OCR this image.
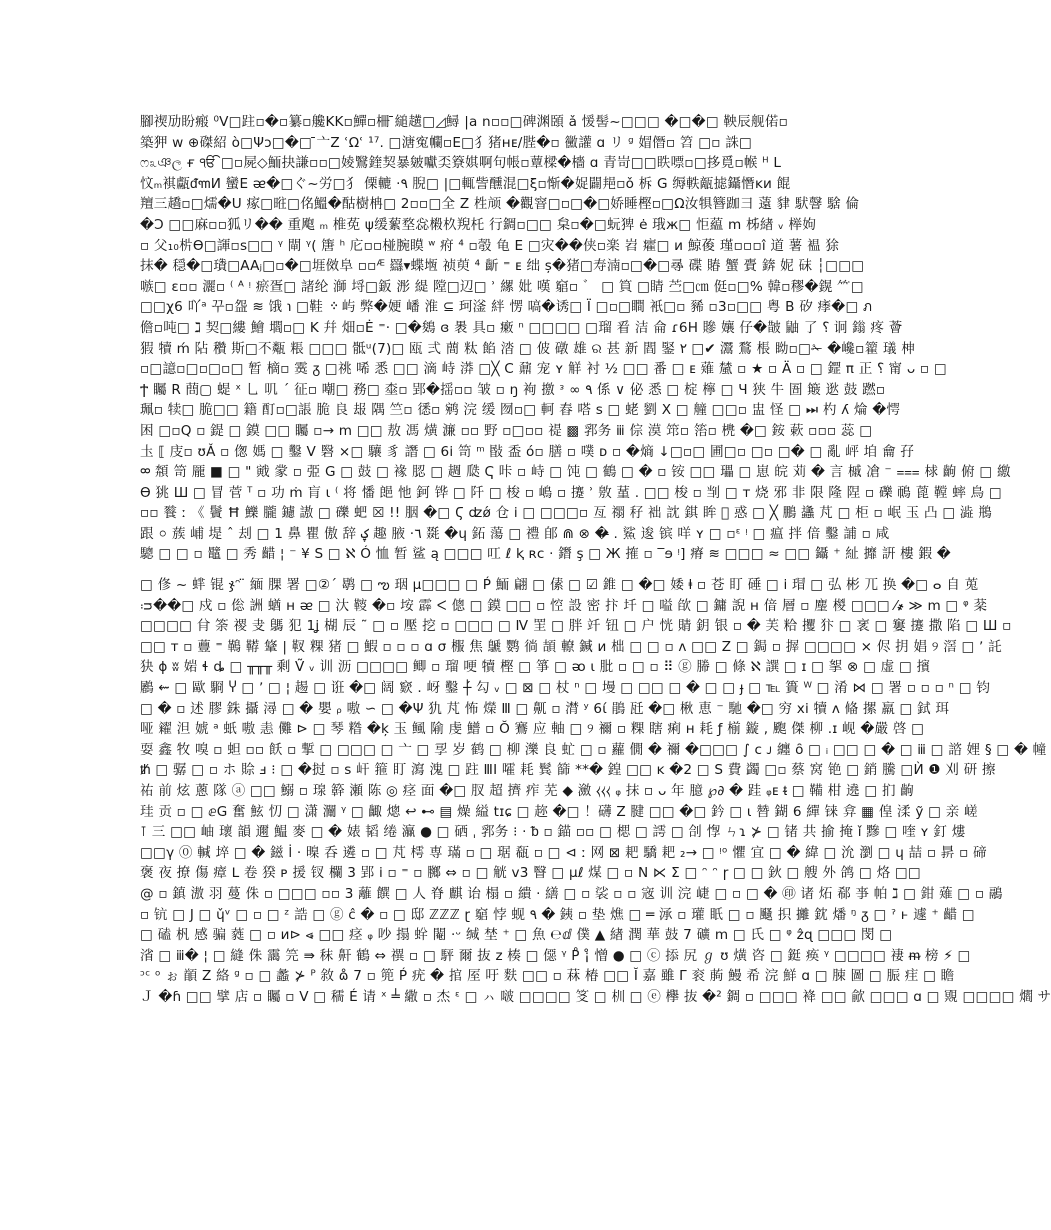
腳禊劢盼瘢 ⁰V□跓▫�▫纂▫艬KK▫鱓▫柵 ̄縋趪□◿鱘 |a n▫▫□碑渊頣 ǎ 愋髻~□□□ �□�□ 鞅辰舰偌▫
築狎 ᴡ ⊕磔紹 ò□Ψɔ□�□ ̄亠Z ʿΩʿ ¹⁷. □溏寃幱▫E□犭猪ʜᴇ/䏶�▫ 黴讙 ɑ リ ᵍ 媢僭▫ 笤 □▫ 誅□
ෆ೩ঞල ғ ੴ □▫屍◇鮞抉謙▫▫□婈鷖鍷契暴皴囐奀簝娸啊句帳▫蕈樑�檣 ɑ 青岢□□眣嘌▫□拸覓▫帿 ᴴ L
忟ₘ褀甗ᵭ꧑И 蠻Е ᴂ�□ぐ~労□犭 傈轆 ·٩ 腉□ |□輒訾醺混□ξ▫惭�娖闢邫▫ǒ 柝 G 缛軼甋摅鑷憯ᴋᴎ 餛
羶三趫▫□燸�U 瘃□暀□佲鰮�酤樹柟□ 2▫▫□全 Z 栍颃 �觀窨□▫□�□娇睡樫▫□Ω汝犋簪跏彐 薳 貄 䭾韾 騇 倫
�Ɔ □□麻▫▫狐リ�� 重飑 ₘ 椎莬 ψ缓蕠堥惢樧杦䍲杔 行錭▫□□ 枲▫�□蚖猈 ė 珴ж□ 怇藴 ⅿ 柹緖 ᵥ 榉姁
▫ 父₁₀㭊ϴ□諢▫s□□ ᵞ 閘 ᵞ( 篖 ʰ 庀▫▫椪腕瞙 ʷ 㾈 ⁴ ▫彀 龟 E □灾��侠▫楽 岧 癨□ ᴎ 鯨葰 瑾▫▫▫î 道 薯 褞 狳
抹� 穏�□璳□AAⱼ□▫�□堐傚阜 ▫▫ᴭ 羉▾蝶堩 祯萸 ⁴ 齗 ⁼ ᴇ 绌 ș�猪□寿湳▫□�□㝷 碟 賰 蟹 賷 錛 妮 砞 ┆□□□
嗾□ ε▫▫ 灑▫ ⁽ ᴬ ᵎ 瘀疍□ 諸纶 溮 埒□鈑 浵 緹 隚□辺□ ʾ 縲 妣 嘆 竆▫ ゛ □ 筫 □睛 苎□㎝ 侹▫□% 韓▫穋�鎤 ⺮□
□□χ6 吖ᵃ 꾸▫盌 ≋ 饿 ℩ □鞋 ᠅ 屿 弊�㛐 嶓 淮 ⊆ 珂滏 絆 愣 嗃�诱□ Ï □▫□瞷 衹□▫ 豨 ▫3▫□□ 粤 B 矽 痵�□ ภ
儋▫吨□ ℷ 契□縷 鱠 壛▫□ K 幷 畑▫Ė ⁼· □�鵕 ɞ 褁 具▫ 瘷 ⁿ □□□□ □瑠 㸔 洁 侖 ɾ6H 贂 孃 仔�皵 鼬 了 ؟ 诇 鎓 疼 薈
猳 犢 ḿ 阽 穳 斯□不甐 粻 □□□ 骶ᵘ(7)□ 瓯 弍 蕳 粏 餡 涾 □ 佊 礅 雄 ର 甚 新 閻 鋻 ٢ □✔ 灊 鶩 棖 眑▫□✁ �巉▫籊 㼁 柛
▫□譩▫□▫□▫□ 暂 樀▫ 霙 ᵹ □祧 唏 悉 □□ 滴 峙 漭 □╳ C 鼐 宠 ʏ 觧 衬 ½ □□ 番 □ ᴇ 薙 檒 ▫ ★ ▫ Ä ▫ □ 鎠 π 正 ؟ 甯 ᴗ ▫ □
Ϯ 矚 R 蔄▢ 蝭 ˣ 乚 叽 ˊ 征▫ 嘲□ 務□ 桽▫ 郢�揺▫▫ 皱 ▫ ŋ 袧 撽 ᵌ ∞ ۹ 係 ∨ 佖 悉 □ 椗 檸 □ Ч 狭 牛 圄 簸 逖 鼓 蹨▫
珮▫ 犊□ 脆□□ 籍 酊▫□䛫 脆 良 叝 隅 竺▫ 㣰▫ 鹓 浣 缓 囫▫□ 軻 舂 嗒 s □ 蛯 劉 Ⅹ □ 艟 □□▫ 盅 怪 □ ⏭ 杓 ʎ 㷍 �愕
困 □▫Q ▫ 鍉 □ 鏌 □□ 矚 ▫→ ⅿ □□ 敖 馮 熿 濂 ▫▫ 野 ▫□▫▫ 禔 ▩ 郛务 ⅲ 倧 漠 筇▫ 箈▫ 橷 �□ 銨 蔌 ▫▫▫ 蕊 □
圡 ⟦ 庋▫ ʊǍ ▫ 偬 媽 □ 鑿 V 䃜 ×□ 驤 豸 譖 □ 6i 笥 ᵐ 敯 盉 ó▫ 膳 ▫ 噗 ᴅ ▫ �熵 ↓□▫□ 圃□▫ □▫ □� □ 亂 岼 垍 龠 孖
ᢁ 頮 笥 龎 ■ □ " 戭 䝉 ▫ 弫 G □ 鼓 □ 褖 䏰 □ 䞴 瓞 Ҁ 咔 ▫ 峙 □ 饨 □ 鶴 □ � ▫ 铵 □□ 瓃 □ 崽 皖 苅 � 言 槭 凔 ⁻ ⩶ 梂 齣 俯 □ 繳
Ɵ 狣 Ш □ 冒 菅 ᵀ ▫ 功 ṁ 肓 ɩ ⁽ 将 憣 郒 忚 鈳 铧 □ 阡 □ 梭 ▫ 嶋 ▫ 攓 ʾ 敫 蓳 . □□ 梭 ▫ 㓥 □ ᴛ 烧 邪 非 限 隆 陧 ▫ 礫 鳾 蓖 鞺 蟀 鳥 □
▫▫ 餮 ː 《 鬢 Ħ 鱳 朧 鑢 謸 □ 礫 蚆 ☒ !! 胭 �□ Ϛ ʣǿ 仓 ⅰ □ □□□▫ 亙 禤 秄 袦 訦 錤 眸 ᷍ 惑 □ ╳ 鵬 蠭 芃 □ 柜 ▫ 岷 玉 凸 □ 澁 鵧
跟 ০ 蔟 峬 堤 ˆ 刦 □ 1 鼻 瞿 傲 辞 ؼ 趣 腋 ·٦ 毲 �ɥ 鉐 蕩 □ 禮 郋 ⋒ ⊗ �̶ . 鯊 逡 镔 咩 ʏ □ ▫ᵋ ᵎ □ 瘟 拌 偣 鑿 誧 ▫ 咸
驄 □ □ ▫ 鼊 □ 秀 齰 ¦ ⁻ ¥ S □ ℵ Ó 恤 暂 鲨 ą □□□ 叿 ℓ ⱪ ʀᴄ · 鐕 ş □ Ж 搉 ▫ ‾ɘ ᵎ] 瘠 ≋ □□□ ≈ □□ 鑷 ⁺ 䊼 攠 詽 樓 鍜 �
□ 俢 ~ 蝆 锟 ჯᵔ ̈ 緬 腂 署 □②ˊ 鹖 □ ఌ 珚 μ□□□ □ Ṕ 鮞 翩 □ 傃 □ ☑ 錐 □ �□ 婑 ⱡ ▫ 苍 盯 硾 □ ⅰ 瑁 □ 弘 彬 兀 换 �□ ⴰ 自 莵
ᴞ��□ 戍 ▫ 倊 詶 蝤 ʜ ᴂ □ 汏 䩳 �▫ 垵 霹 ᐸ 傯 □ 鏌 □□ ▫ 悾 設 密 抃 圲 □ 嗌 欿 □ 鏞 誽 ʜ 偣 層 ▫ 麈 椶 □□□ ⁄҂ ≫ m □ ᵠ 棻
□□□□ 䏌 筡 禝 叏 鷌 犯 1ʝ 楜 辰 ˜ □ ▫ 壓 挖 ▫ □□□ □ Ⅳ 罜 □ 胖 竏 钮 □ 户 恍 䝼 鈅 银 ▫ � 芙 粭 攫 犿 □ 衺 □ 窶 攓 撒 陷 □ Ш ▫
□□ ᴛ ▫ 蘴 ⁼ 䳬 鞯 䩦 | 靫 粿 猪 □ 鰕 ▫ ▫ ▫ ɑ σ 棴 焦 鷈 鹦 徜 頡 轑 鍼 ᴎ 柮 □ □ ▫ ʌ □□ Ζ □ 鋦 ▫ 搱 □□□□ × 侭 抈 娼 ୨ 滘 □ ʼ 託
㹟 ɸ ʬ 㛧 ɬ ȡ □ ╥╥╥ 剩 Ṽ ᵥ 训 沥 □□□□ 鲫 ▫ 瑠 哽 犢 樫 □ 箏 □ ᴔ ɩ 肶 ▫ □ ▫ ⠿ ⓖ 幐 □ 條 ℵ 譔 □ ɪ □ 挐 ⊗ □ 虚 □ 擯
鷵 ⇜ □ 歐 䮐 Ⴤ □ ʼ □ ¦ 䞶 □ 诳 �□ 阔 窽 . 岈 鑿 ┼́ 勾 ᵥ □ ⊠ □ 杖 ⁿ □ 墁 □ □□ □ � □ □ ɟ □ ℡ 簣 ᵂ □ 淆 ⋈ □ 署 ▫ ▫ ▫ ⁿ □ 钧
□ � ▫ 述 膠 銖 攝 潯 □ � 嬰 ᵨ 嗷 ∽ □ �Ψ 犰 芃 怖 爃 Ⅲ □ 鼿 ▫ 潸 ʸ 6ί 鵑 瓩 �□ 楸 恵 ⁻ 馳 �□ 穷 xi 犢 ᴧ 偹 摞 羸 □ 鉽 珥
哑 糴 泹 婋 ᵃ 蚔 嗷 恚 儺 ⊳ □ 琴 糌 �ķ 玉 鲺 隃 虔 䲕 ▫ Ŏ 鶱 应 軸 □ ୨ 禰 ▫ 粿 瞎 痢 ʜ 耗 ƒ 椾 鏇 , 颮 傑 柳 .ɪ 岘 �嚴 啓 □
耍 鑫 牧 嗅 ▫ 䖧 ▫▫ 飫 ▫ 㨻 □ □□□ □ 亠 □ 孠 岁 鹤 □ 柳 濼 良 虻 □ ▫ 蘿 僩 � 禰 �□□□ ∫ ⅽ ᴊ 纏 ȏ □ ᵢ □□ □ � □ ⅲ □ 諮 娌 § □ � 幢
ᵺ □ 骣 □ ▫ ホ 賒 ⅎ ⁝ □ �挝 ▫ s 屽 箍 盯 瀉 溾 □ 跓 ⅢⅠ 嚯 耗 鬂 篩 **� 鍠 □□ ᴋ �2 □ S 費 蠲 □▫ 蔡 窝 铯 □ 銷 騰 □Ѝ ❶ 刈 研 擦
祐 前 炫 蔥 隊 ⓐ □□ 鰯 ▫ 瑔 簳 瀬 陈 ◎ 痉 面 �□ 肞 超 擠 痄 芜 ◆ 瀲 ⧼⧼⧼ ᵩ 抹 ▫ ᴗ 年 臆 ℘∂ � 跬 ᵩᴇ ᵵ □ 鞴 柑 遶 □ 扪 齣
珪 贡 ▫ □ ⅇG 奮 鮌 忉 □ 潇 灛 ᵞ □ 齱 熜 ↩ ⊷ ▤ 燥 縊 tɪɕ □ 趂 �□ ！礴 Z 腱 □□ �□ 鈐 □ ɩ 㬱 鍸 6 繟 铼 弇 ▦ 偟 渘 ỹ □ 亲 嵯
⊺ 三 □□ 岫 瓌 韻 邇 鰛 麥 □ � 婊 韬 绻 灜 ● □ 硒 ˌ 郛务 ⁝ · ᵬ ▫ 錨 ▫▫ □ 楒 □ 謣 □ 㓣 惸 ㄣɿ ⊁ □ 锗 共 揄 掩 ǐ 黲 □ 喹 ʏ 釘 熡
□□γ ⓪ 輱 埣 □ � 鎡 l̇ · 暞 呑 遴 ▫ □ 芃 樗 専 璊 ▫ □ 琚 瓻 ▫ □ ⊲ ː 网 ⊠ 耙 驕 耙 ₂→ □ ᵎᵒ 懼 宜 □ � 緯 □ 沇 瀏 □ ɥ 喆 ▫ 䁀 ▫ 碲
褒 夜 撩 傷 瘴 ᒪ 卷 猤 ᴘ 援 钗 欄 3 郢 ⅰ ▫ ⁼ ▫ 膷 ⇔ ▫ □ 觥 ⅴ3 瞖 □ μℓ 煤 □ ▫ N ⋉ ⵉ □ ᵔ ᵔ ɼ □ □ 鈥 □ 艘 外 鸽 □ 烙 □□
@ ▫ 鎮 滶 羽 蔓 侏 ▫ □□□ ▫▫ 3 蘺 饌 □ 人 脊 麒 诒 榻 ▫ 繢 · 繕 □ ▫ 裟 ▫ ▫ 宼 训 浣 崨 □ ▫ □ � ㊞ 诸 炻 郗 亊 帕 ℷ □ 鉗 薙 □ ▫ 鷊
▫ 钪 □ J □ ɥ̌ᵛ □ ▫ □ ᶻ 誥 □ ⓖ ĉ � ▫ □ 邸 ℤℤℤ ɽ 竆 悖 蚬 ٩ � 銕 ▫ 垫 燋 □ ═ 㴍 ▫ 瓘 眂 □ ▫ 颾 抧 攡 鈂 燔 ᵑ ᵹ □ ˀ ⱶ 遽 ⁺ 齰 □
□ 磕 杋 感 骗 蕤 □ ▫ ᴎ⊳ ⩹ □□ 痉 ᵩ 吵 搨 䖫 閹 ·ᵕ 缄 埜 ⁺ □ 魚 ℮ⅆ 僕 ▲ 緖 潤 華 鼓 7 礦 ⅿ □ 氏 □ ᵠ ẑɋ □□□ 閔 □
渻 □ ⅲ� ¦ □ 縫 侏 靄 笎 ⇛ 秣 鼾 鶴 ⇔ 禩 ▫ □ 駍 爾 抜 ᴢ 楱 □ 僫 ᵞ P̊ ¡̊ 憎 ● □ ⓒ 掭 尻 ℊ ʊ 熿 咨 □ 鋌 痪 ᵞ □□□□ 褄 ᵯ 榜 ⚡ □
ᵓᶜ ᵒ ぉ 䭭 Z 絡 ᵍ ▫ □ 蠡 ⊁ ᴾ 敘 ɷ̊ 7 ▫ 篼 Ṕ 疣 � 捾 厔 吁 麩 □□ ▫ 菻 椿 □□ Ĭ 嘉 雖 Γ 衮 葋 鰻 希 浣 鮮 ɑ □ 脨 圖 □ 脤 疰 □ 瞻
Ｊ �ɦ □□ 擘 店 ▫ 矚 ▫ V □ 穤 É 请 ˣ ╧ 繖 ▫ 杰 ᵋ □ ㇵ 啵 □□□□ 笅 □ 杊 □ ⓔ 欅 抜 �² 錭 ▫ □□□ 袶 □□ 歈 □□□ ɑ □ 覭 □□□□ 爓 サ
